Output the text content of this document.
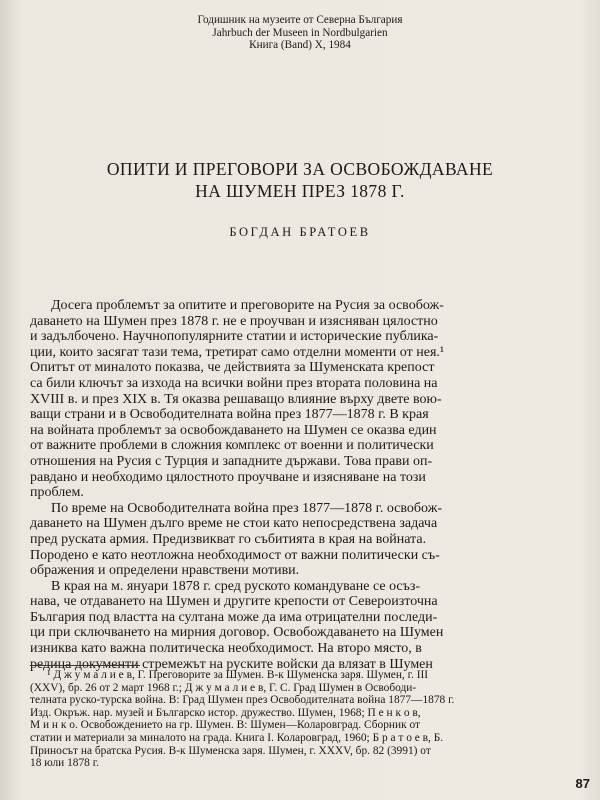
Годишник на музеите от Северна България
Jahrbuch der Museen in Nordbulgarien
Книга (Band) X, 1984
ОПИТИ И ПРЕГОВОРИ ЗА ОСВОБОЖДАВАНЕ
НА ШУМЕН ПРЕЗ 1878 Г.
БОГДАН БРАТОЕВ
Досега проблемът за опитите и преговорите на Русия за освобож-
даването на Шумен през 1878 г. не е проучван и изясняван цялостно
и задълбочено. Научнопопулярните статии и исторические публика-
ции, които засягат тази тема, третират само отделни моменти от нея.¹
Опитът от миналото показва, че действията за Шуменската крепост
са били ключът за изхода на всички войни през втората половина на
XVIII в. и през XIX в. Тя оказва решаващо влияние върху двете вою-
ващи страни и в Освободителната война през 1877—1878 г. В края
на войната проблемът за освобождаването на Шумен се оказва един
от важните проблеми в сложния комплекс от военни и политически
отношения на Русия с Турция и западните държави. Това прави оп-
равдано и необходимо цялостното проучване и изясняване на този
проблем.
По време на Освободителната война през 1877—1878 г. освобож-
даването на Шумен дълго време не стои като непосредствена задача
пред руската армия. Предизвикват го събитията в края на войната.
Породено е като неотложна необходимост от важни политически съ-
ображения и определени нравствени мотиви.
В края на м. януари 1878 г. сред руското командуване се осъз-
нава, че отдаването на Шумен и другите крепости от Североизточна
България под властта на султана може да има отрицателни последи-
ци при сключването на мирния договор. Освобождаването на Шумен
изниква като важна политическа необходимост. На второ място, в
редица документи стремежът на руските войски да влязат в Шумен
¹ Д ж у м а л и е в, Г. Преговорите за Шумен. В-к Шуменска заря. Шумен, г. III
(XXV), бр. 26 от 2 март 1968 г.; Д ж у м а л и е в, Г. С. Град Шумен в Освободи-
телната руско-турска война. В: Град Шумен през Освободителната война 1877—1878 г.
Изд. Окръж. нар. музей и Българско истор. дружество. Шумен, 1968; П е н к о в,
М и н к о. Освобождението на гр. Шумен. В: Шумен—Коларовград. Сборник от
статии и материали за миналото на града. Книга I. Коларовград, 1960; Б р а т о е в, Б.
Приносът на братска Русия. В-к Шуменска заря. Шумен, г. XXXV, бр. 82 (3991) от
18 юли 1878 г.
87
